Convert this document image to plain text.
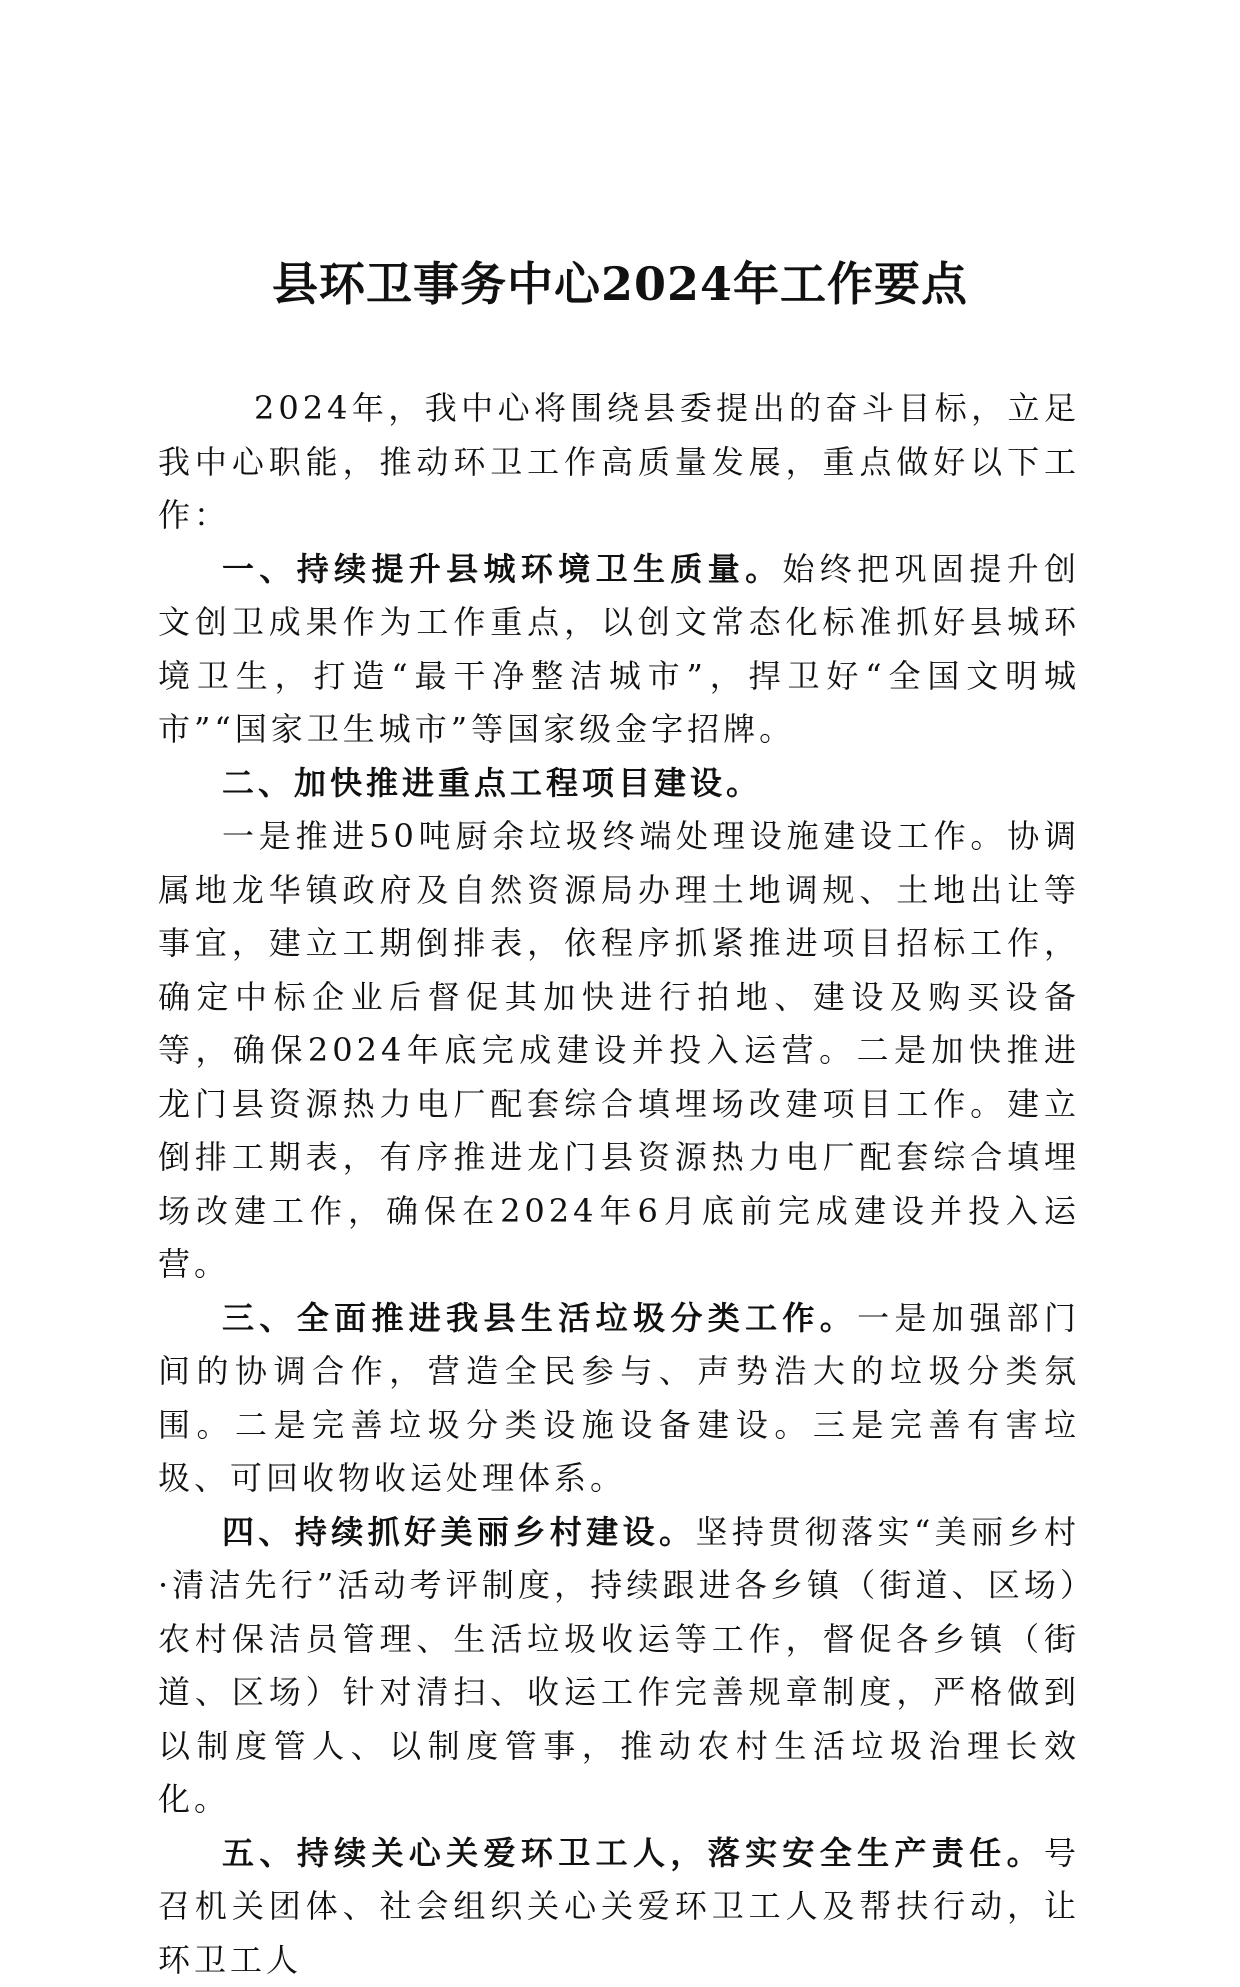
县环卫事务中心2024年工作要点

2024年，我中心将围绕县委提出的奋斗目标，立足我中心职能，推动环卫工作高质量发展，重点做好以下工作：

一、持续提升县城环境卫生质量。始终把巩固提升创文创卫成果作为工作重点，以创文常态化标准抓好县城环境卫生，打造“最干净整洁城市”，捍卫好“全国文明城市”“国家卫生城市”等国家级金字招牌。

二、加快推进重点工程项目建设。

一是推进50吨厨余垃圾终端处理设施建设工作。协调属地龙华镇政府及自然资源局办理土地调规、土地出让等事宜，建立工期倒排表，依程序抓紧推进项目招标工作，确定中标企业后督促其加快进行拍地、建设及购买设备等，确保2024年底完成建设并投入运营。二是加快推进龙门县资源热力电厂配套综合填埋场改建项目工作。建立倒排工期表，有序推进龙门县资源热力电厂配套综合填埋场改建工作，确保在2024年6月底前完成建设并投入运营。

三、全面推进我县生活垃圾分类工作。一是加强部门间的协调合作，营造全民参与、声势浩大的垃圾分类氛围。二是完善垃圾分类设施设备建设。三是完善有害垃圾、可回收物收运处理体系。

四、持续抓好美丽乡村建设。坚持贯彻落实“美丽乡村·清洁先行”活动考评制度，持续跟进各乡镇（街道、区场）农村保洁员管理、生活垃圾收运等工作，督促各乡镇（街道、区场）针对清扫、收运工作完善规章制度，严格做到以制度管人、以制度管事，推动农村生活垃圾治理长效化。

五、持续关心关爱环卫工人，落实安全生产责任。号召机关团体、社会组织关心关爱环卫工人及帮扶行动，让环卫工人
